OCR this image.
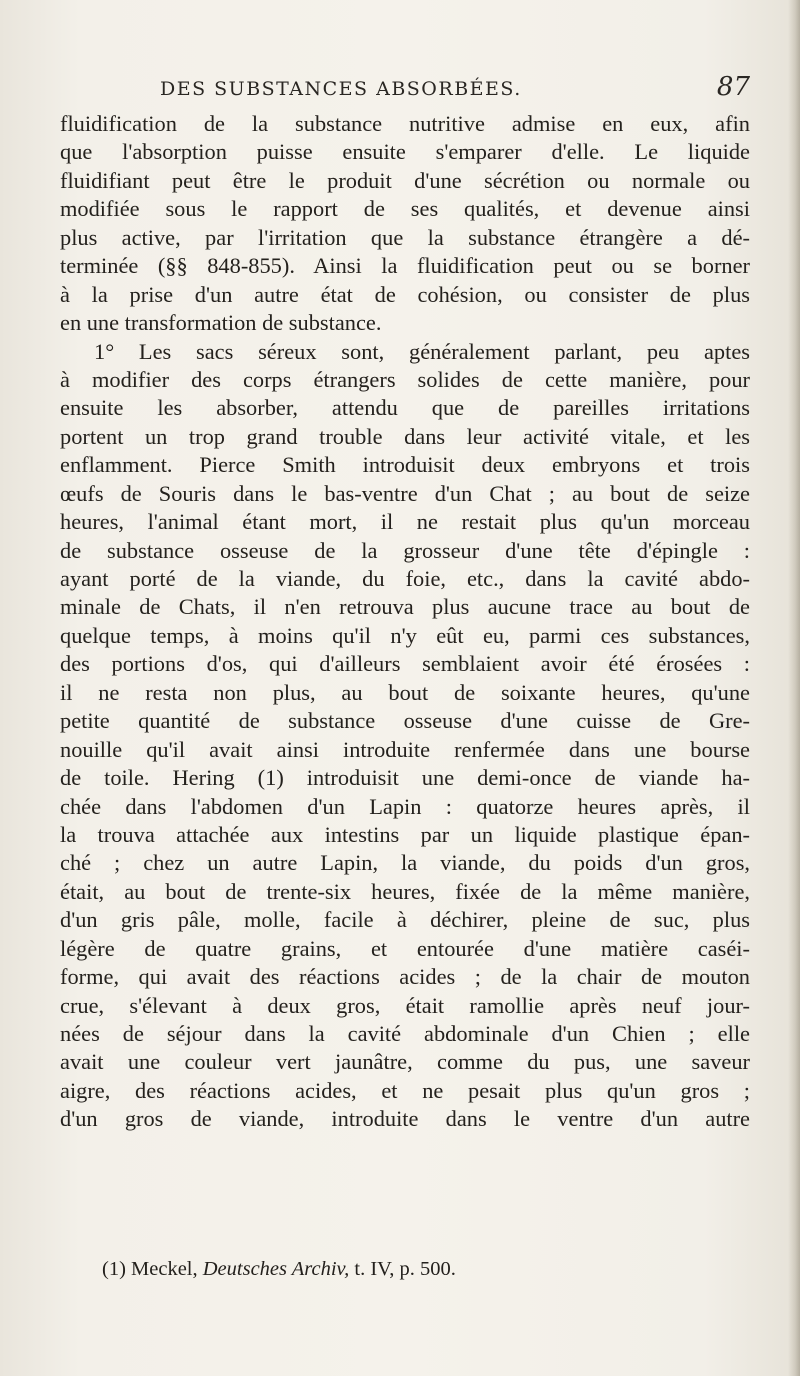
DES SUBSTANCES ABSORBÉES.	87
fluidification de la substance nutritive admise en eux, afin
que l'absorption puisse ensuite s'emparer d'elle. Le liquide
fluidifiant peut être le produit d'une sécrétion ou normale ou
modifiée sous le rapport de ses qualités, et devenue ainsi
plus active, par l'irritation que la substance étrangère a dé-
terminée (§§ 848-855). Ainsi la fluidification peut ou se borner
à la prise d'un autre état de cohésion, ou consister de plus
en une transformation de substance.
1° Les sacs séreux sont, généralement parlant, peu aptes
à modifier des corps étrangers solides de cette manière, pour
ensuite les absorber, attendu que de pareilles irritations
portent un trop grand trouble dans leur activité vitale, et les
enflamment. Pierce Smith introduisit deux embryons et trois
œufs de Souris dans le bas-ventre d'un Chat ; au bout de seize
heures, l'animal étant mort, il ne restait plus qu'un morceau
de substance osseuse de la grosseur d'une tête d'épingle :
ayant porté de la viande, du foie, etc., dans la cavité abdo-
minale de Chats, il n'en retrouva plus aucune trace au bout de
quelque temps, à moins qu'il n'y eût eu, parmi ces substances,
des portions d'os, qui d'ailleurs semblaient avoir été érosées :
il ne resta non plus, au bout de soixante heures, qu'une
petite quantité de substance osseuse d'une cuisse de Gre-
nouille qu'il avait ainsi introduite renfermée dans une bourse
de toile. Hering (1) introduisit une demi-once de viande ha-
chée dans l'abdomen d'un Lapin : quatorze heures après, il
la trouva attachée aux intestins par un liquide plastique épan-
ché ; chez un autre Lapin, la viande, du poids d'un gros,
était, au bout de trente-six heures, fixée de la même manière,
d'un gris pâle, molle, facile à déchirer, pleine de suc, plus
légère de quatre grains, et entourée d'une matière caséi-
forme, qui avait des réactions acides ; de la chair de mouton
crue, s'élevant à deux gros, était ramollie après neuf jour-
nées de séjour dans la cavité abdominale d'un Chien ; elle
avait une couleur vert jaunâtre, comme du pus, une saveur
aigre, des réactions acides, et ne pesait plus qu'un gros ;
d'un gros de viande, introduite dans le ventre d'un autre
(1) Meckel, Deutsches Archiv, t. IV, p. 500.
